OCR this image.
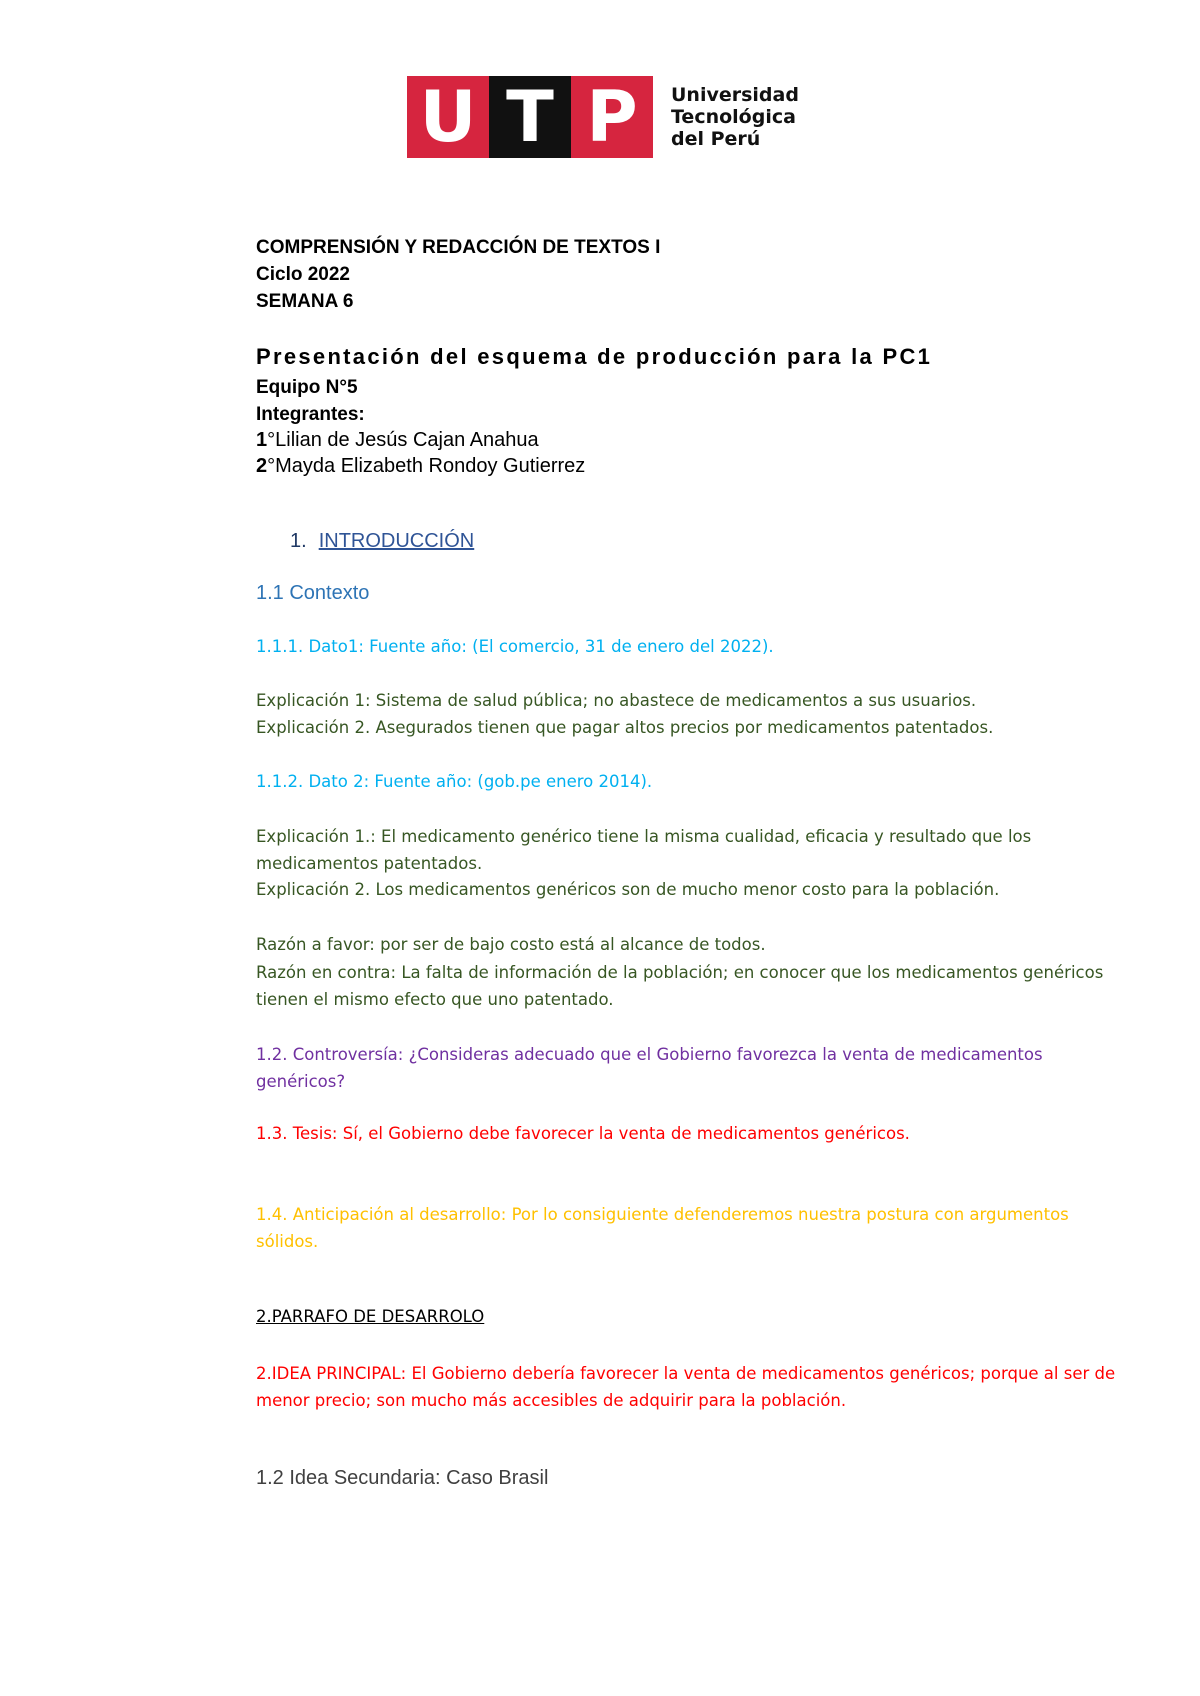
U T P	Universidad
Tecnológica
del Perú
COMPRENSIÓN Y REDACCIÓN DE TEXTOS I
Ciclo 2022
SEMANA 6
Presentación del esquema de producción para la PC1
Equipo N°5
Integrantes:
1°Lilian de Jesús Cajan Anahua
2°Mayda Elizabeth Rondoy Gutierrez
1. INTRODUCCIÓN
1.1 Contexto
1.1.1. Dato1: Fuente año: (El comercio, 31 de enero del 2022).
Explicación 1: Sistema de salud pública; no abastece de medicamentos a sus usuarios.
Explicación 2. Asegurados tienen que pagar altos precios por medicamentos patentados.
1.1.2. Dato 2: Fuente año: (gob.pe enero 2014).
Explicación 1.: El medicamento genérico tiene la misma cualidad, eficacia y resultado que los medicamentos patentados.
Explicación 2. Los medicamentos genéricos son de mucho menor costo para la población.
Razón a favor: por ser de bajo costo está al alcance de todos.
Razón en contra: La falta de información de la población; en conocer que los medicamentos genéricos tienen el mismo efecto que uno patentado.
1.2. Controversía: ¿Consideras adecuado que el Gobierno favorezca la venta de medicamentos genéricos?
1.3. Tesis: Sí, el Gobierno debe favorecer la venta de medicamentos genéricos.
1.4. Anticipación al desarrollo: Por lo consiguiente defenderemos nuestra postura con argumentos sólidos.
2.PARRAFO DE DESARROLO
2.IDEA PRINCIPAL: El Gobierno debería favorecer la venta de medicamentos genéricos; porque al ser de menor precio; son mucho más accesibles de adquirir para la población.
1.2 Idea Secundaria: Caso Brasil
